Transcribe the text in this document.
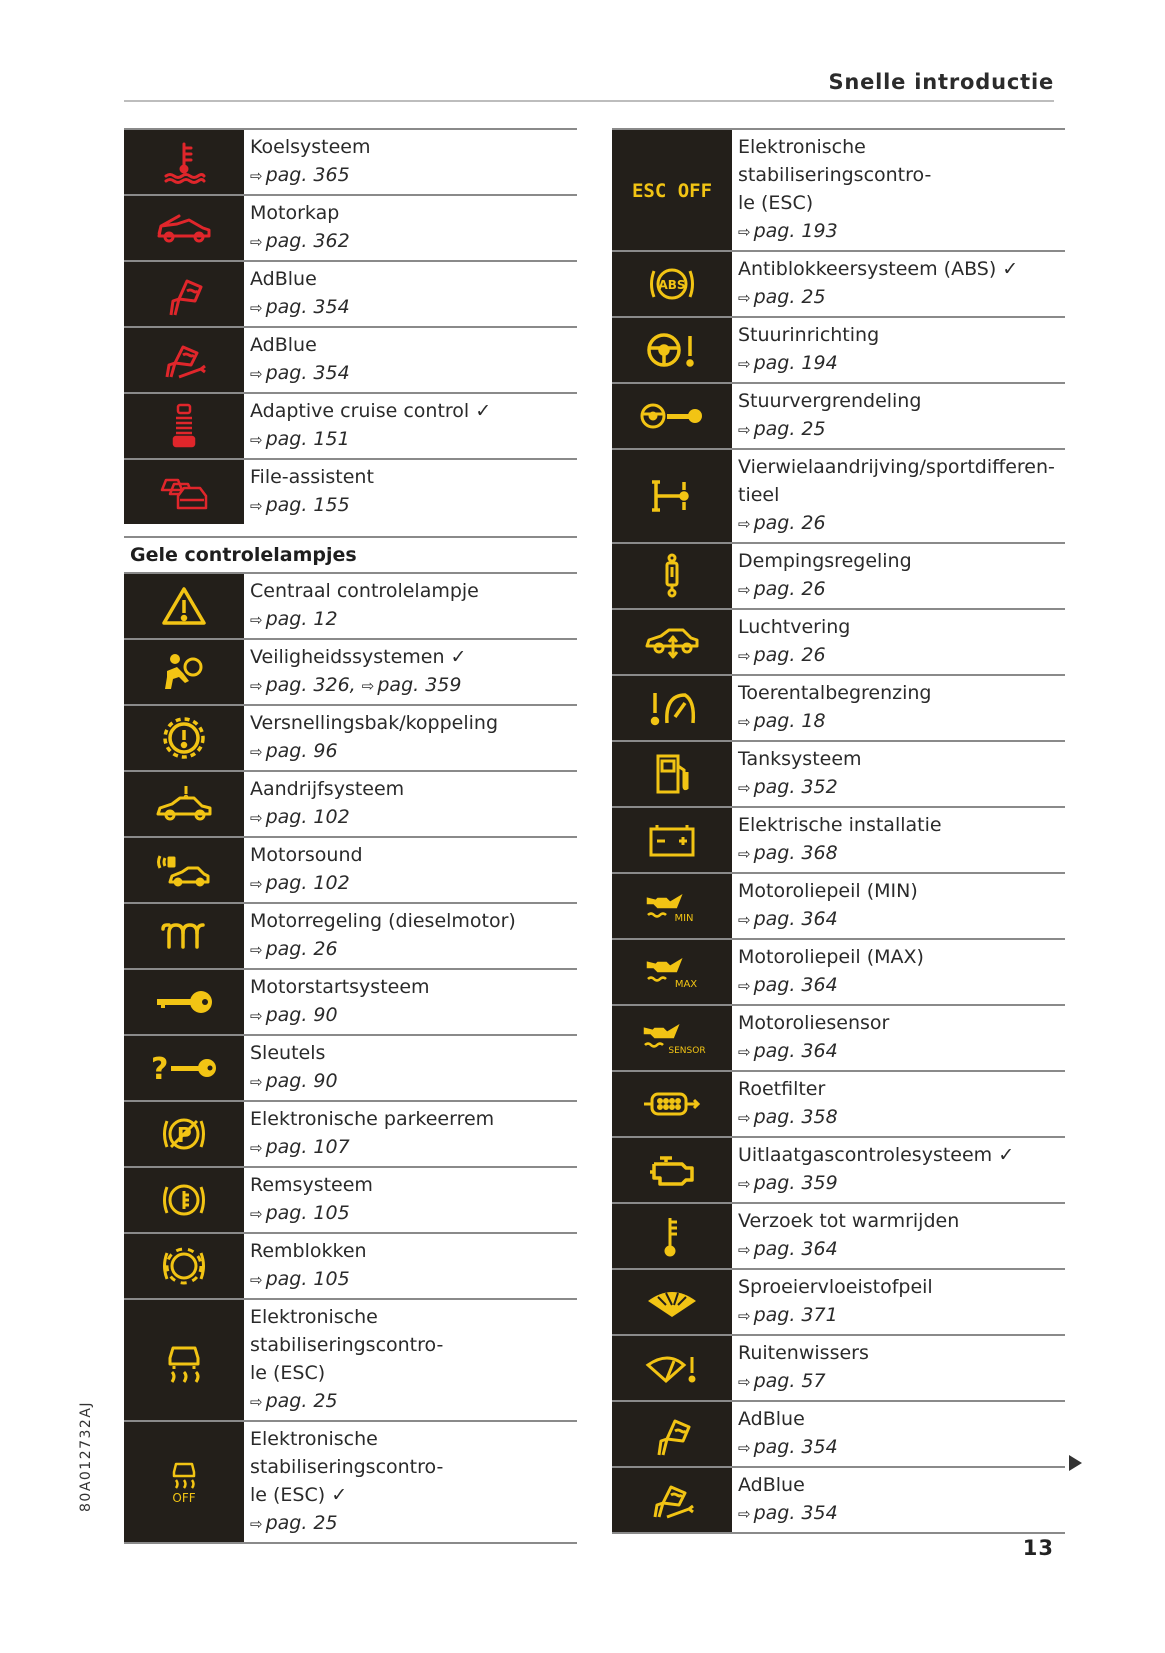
Snelle introductie
Koelsysteem
⇨ pag. 365
Motorkap
⇨ pag. 362
AdBlue
⇨ pag. 354
AdBlue
⇨ pag. 354
Adaptive cruise control ✓
⇨ pag. 151
File-assistent
⇨ pag. 155
Gele controlelampjes
Centraal controlelampje
⇨ pag. 12
Veiligheidssystemen ✓
⇨ pag. 326, ⇨ pag. 359
Versnellingsbak/koppeling
⇨ pag. 96
Aandrijfsysteem
⇨ pag. 102
Motorsound
⇨ pag. 102
Motorregeling (dieselmotor)
⇨ pag. 26
Motorstartsysteem
⇨ pag. 90
?	Sleutels
⇨ pag. 90
P
Elektronische parkeerrem
⇨ pag. 107
Remsysteem
⇨ pag. 105
Remblokken
⇨ pag. 105
Elektronische stabiliseringscontro-
le (ESC)
⇨ pag. 25
OFF
Elektronische stabiliseringscontro-
le (ESC) ✓
⇨ pag. 25
ESC OFF
Elektronische stabiliseringscontro-
le (ESC)
⇨ pag. 193
ABS
Antiblokkeersysteem (ABS) ✓
⇨ pag. 25
Stuurinrichting
⇨ pag. 194
Stuurvergrendeling
⇨ pag. 25
Vierwielaandrijving/sportdifferen-
tieel
⇨ pag. 26
Dempingsregeling
⇨ pag. 26
Luchtvering
⇨ pag. 26
Toerentalbegrenzing
⇨ pag. 18
Tanksysteem
⇨ pag. 352
Elektrische installatie
⇨ pag. 368
MIN
Motoroliepeil (MIN)
⇨ pag. 364
MAX
Motoroliepeil (MAX)
⇨ pag. 364
SENSOR
Motoroliesensor
⇨ pag. 364
Roetfilter
⇨ pag. 358
Uitlaatgascontrolesysteem ✓
⇨ pag. 359
Verzoek tot warmrijden
⇨ pag. 364
Sproeiervloeistofpeil
⇨ pag. 371
Ruitenwissers
⇨ pag. 57
AdBlue
⇨ pag. 354
AdBlue
⇨ pag. 354
80A012732AJ
13
